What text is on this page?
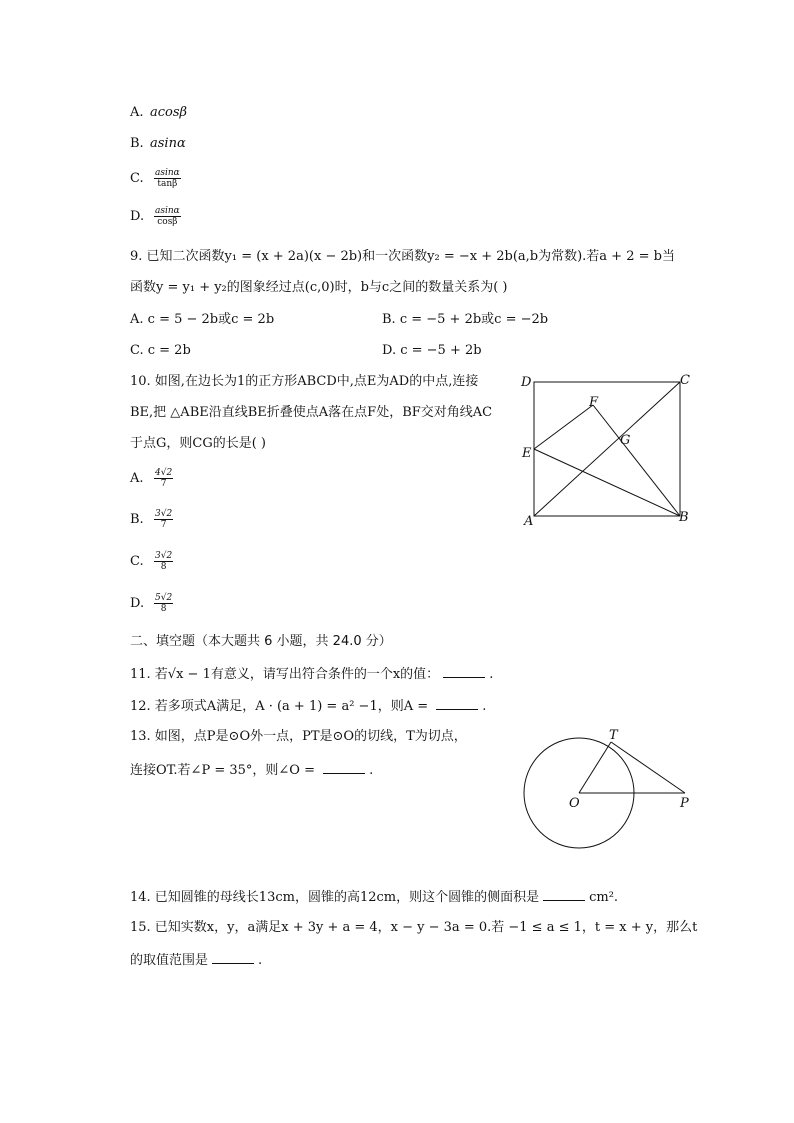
A. acosβ
B. asinα
C. $\frac{asin\alpha}{\tan\beta}$
D. $\frac{asin\alpha}{\cos\beta}$
9. 已知二次函数y₁ = (x + 2a)(x − 2b)和一次函数y₂ = −x + 2b(a,b为常数).若a + 2 = b当
函数y = y₁ + y₂的图象经过点(c,0)时，b与c之间的数量关系为( )
A. c = 5 − 2b或c = 2b	B. c = −5 + 2b或c = −2b
C. c = 2b	D. c = −5 + 2b
10. 如图,在边长为1的正方形ABCD中,点E为AD的中点,连接
BE,把 △ABE沿直线BE折叠使点A落在点F处，BF交对角线AC
于点G，则CG的长是( )
A. $\frac{4√2}{7}$
B. $\frac{3√2}{7}$
C. $\frac{3√2}{8}$
D. $\frac{5√2}{8}$
D	C
F
G
E
A	B
二、填空题（本大题共 6 小题，共 24.0 分）
11. 若√x − 1有意义，请写出符合条件的一个x的值：	.
12. 若多项式A满足，A · (a + 1) = a² −1，则A =	.
13. 如图，点P是⊙O外一点，PT是⊙O的切线，T为切点，
连接OT.若∠P = 35°，则∠O =	.
T
O	P
14. 已知圆锥的母线长13cm，圆锥的高12cm，则这个圆锥的侧面积是	cm².
15. 已知实数x，y，a满足x + 3y + a = 4，x − y − 3a = 0.若 −1 ≤ a ≤ 1，t = x + y，那么t
的取值范围是	.
